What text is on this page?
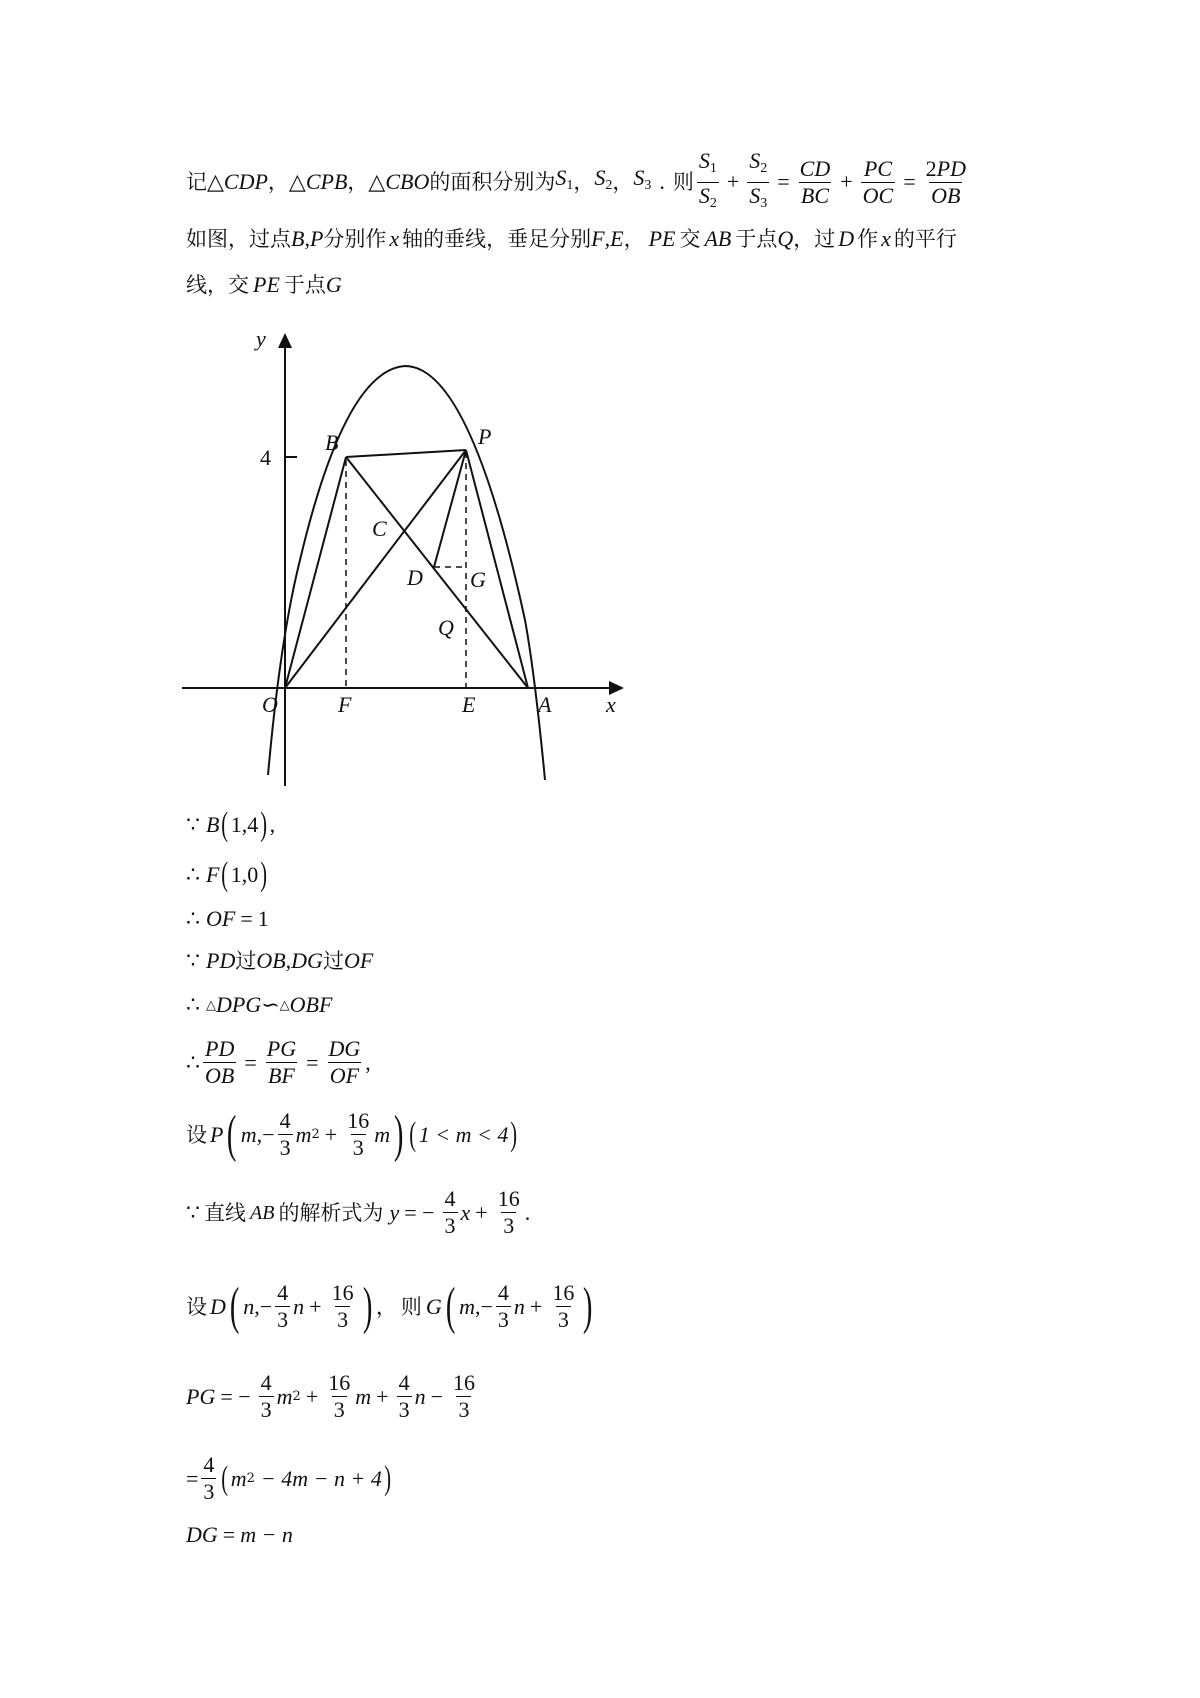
记 △ CDP ， △ CPB ， △ CBO 的面积分别为 $S_1$ ， $S_2$ ， $S_3$ . 则 $\frac{S_1}{S_2} + \frac{S_2}{S_3} = \frac{CD}{BC} + \frac{PC}{OC} = \frac{2PD}{OB}$
如图，过点 B , P 分别作 x 轴的垂线，垂足分别 F , E ， PE 交 AB 于点 Q ，过 D 作 x 的平行
线，交 PE 于点 G
y
x
4
B	P
C
D G
Q
O	F	E	A
∵ B ( 1,4 ) ,
∴ F ( 1,0 )
∴ OF = 1
∵ PD 过 OB , DG 过 OF
∴ △ DPG ∽ △ OBF
∴ $\frac{PD}{OB} = \frac{PG}{BF} = \frac{DG}{OF}$ ,
设 P ( m ,− $\frac{4}{3}$ m $2 + \frac{16}{3}$ m ) ( 1 < m < 4 )
∵ 直线 AB 的解析式为 y = − $\frac{4}{3}$ $x + \frac{16}{3}$ .
设 D ( n ,− $\frac{4}{3}$ $n + \frac{16}{3}$ ) ， 则 G ( m ,− $\frac{4}{3}$ $n + \frac{16}{3}$ )
PG = − $\frac{4}{3}$ m $2 + \frac{16}{3}$ $m + \frac{4}{3}$ $n - \frac{16}{3}$
= $\frac{4}{3}$ ( m 2 − 4m − n + 4 )
DG = m − n
